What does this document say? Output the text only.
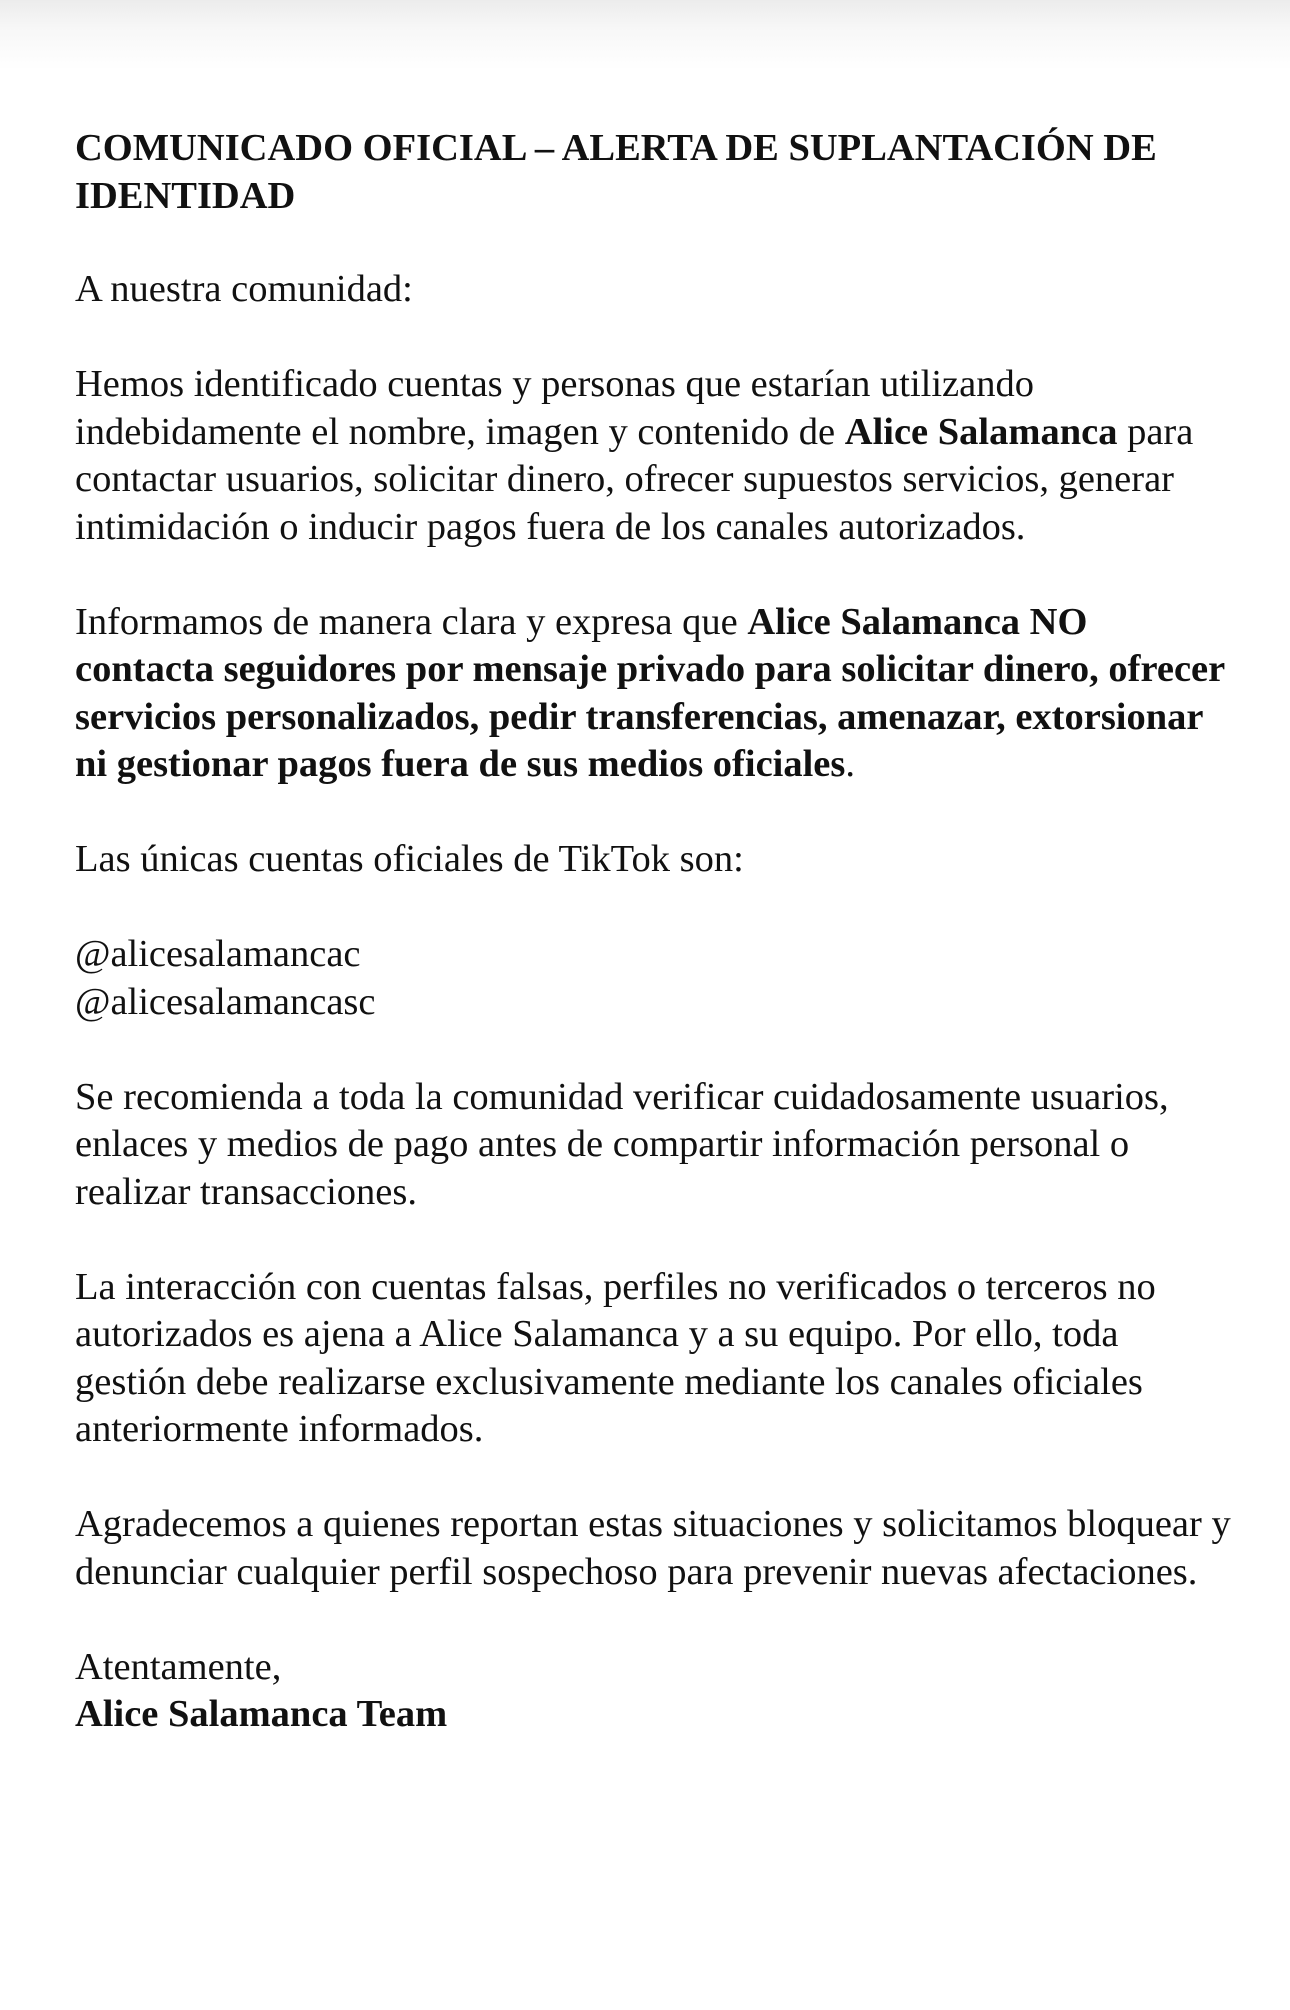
COMUNICADO OFICIAL – ALERTA DE SUPLANTACIÓN DE IDENTIDAD

A nuestra comunidad:

Hemos identificado cuentas y personas que estarían utilizando indebidamente el nombre, imagen y contenido de Alice Salamanca para contactar usuarios, solicitar dinero, ofrecer supuestos servicios, generar intimidación o inducir pagos fuera de los canales autorizados.

Informamos de manera clara y expresa que Alice Salamanca NO contacta seguidores por mensaje privado para solicitar dinero, ofrecer servicios personalizados, pedir transferencias, amenazar, extorsionar ni gestionar pagos fuera de sus medios oficiales.

Las únicas cuentas oficiales de TikTok son:

@alicesalamancac
@alicesalamancasc

Se recomienda a toda la comunidad verificar cuidadosamente usuarios, enlaces y medios de pago antes de compartir información personal o realizar transacciones.

La interacción con cuentas falsas, perfiles no verificados o terceros no autorizados es ajena a Alice Salamanca y a su equipo. Por ello, toda gestión debe realizarse exclusivamente mediante los canales oficiales anteriormente informados.

Agradecemos a quienes reportan estas situaciones y solicitamos bloquear y denunciar cualquier perfil sospechoso para prevenir nuevas afectaciones.

Atentamente,
Alice Salamanca Team
